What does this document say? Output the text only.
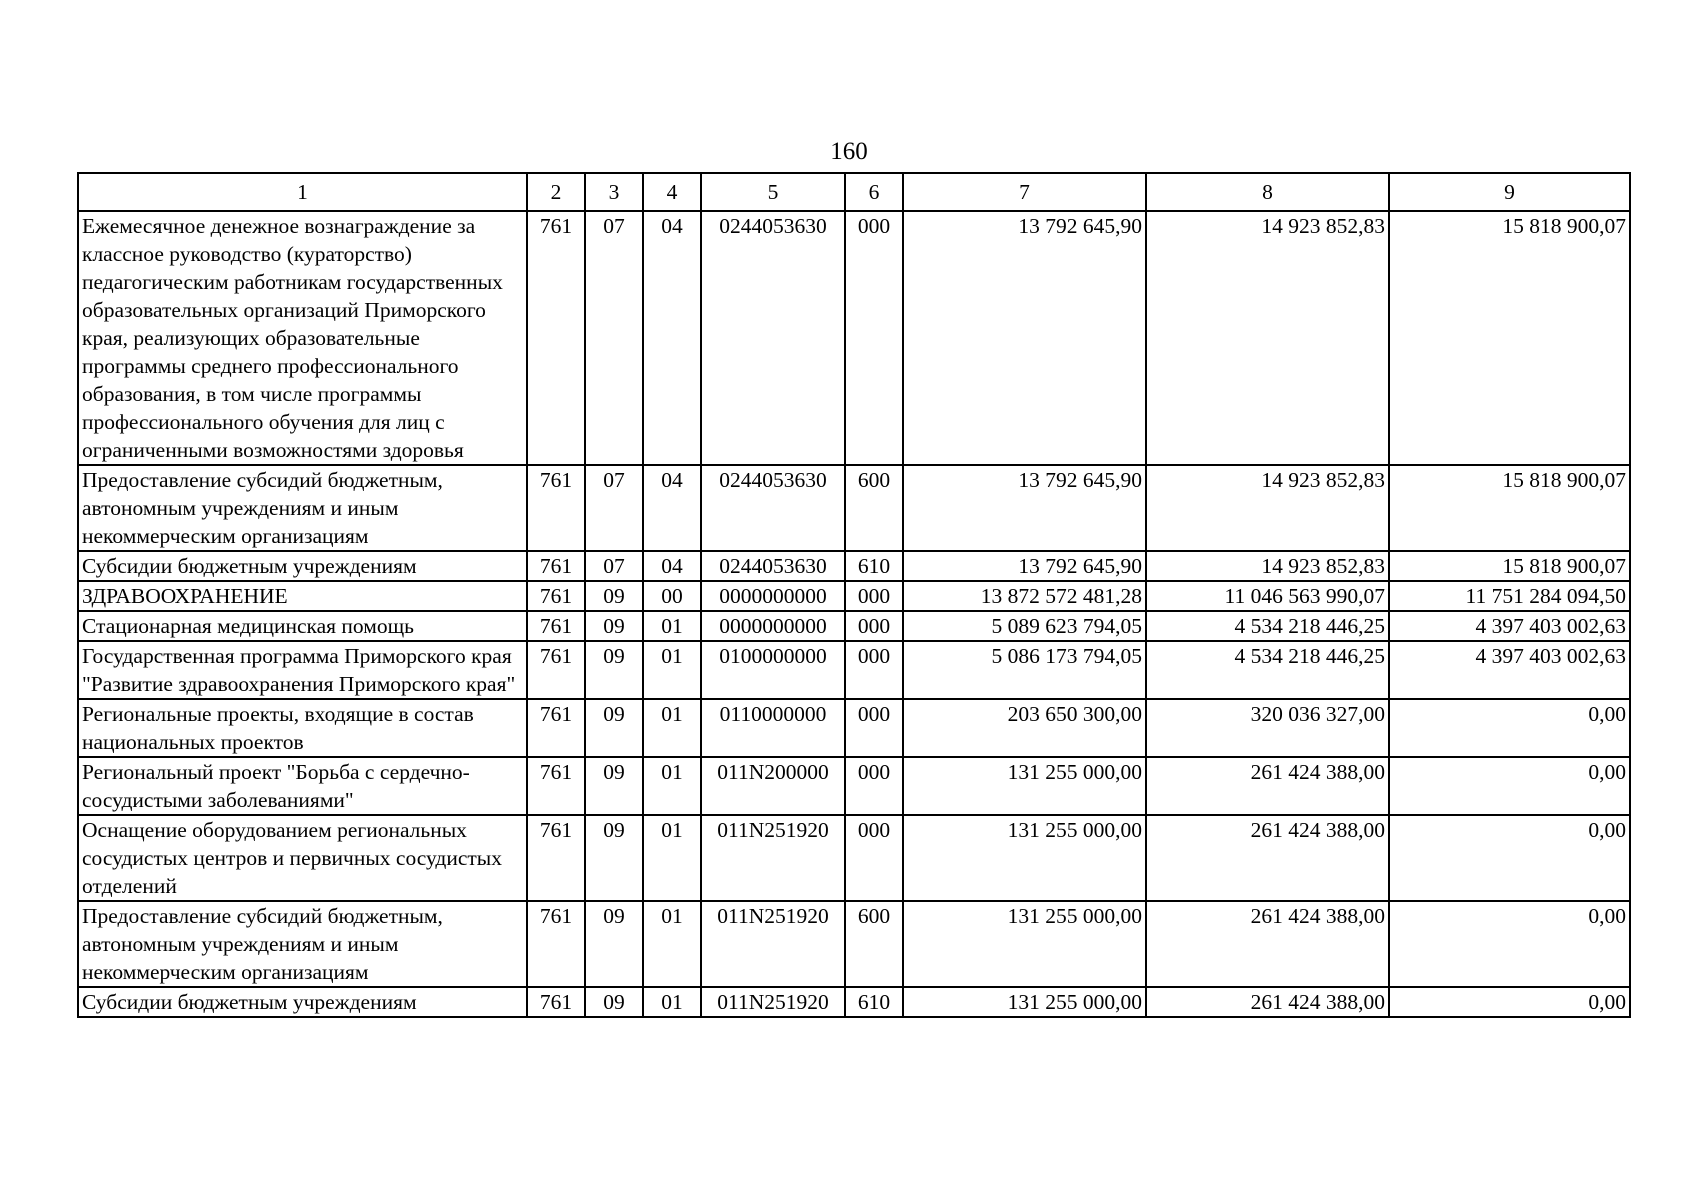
160
1	2	3	4	5	6	7	8	9
Ежемесячное денежное вознаграждение за классное руководство (кураторство) педагогическим работникам государственных образовательных организаций Приморского края, реализующих образовательные программы среднего профессионального образования, в том числе программы профессионального обучения для лиц с ограниченными возможностями здоровья	761	07	04	0244053630	000	13 792 645,90	14 923 852,83	15 818 900,07
Предоставление субсидий бюджетным, автономным учреждениям и иным некоммерческим организациям	761	07	04	0244053630	600	13 792 645,90	14 923 852,83	15 818 900,07
Субсидии бюджетным учреждениям	761	07	04	0244053630	610	13 792 645,90	14 923 852,83	15 818 900,07
ЗДРАВООХРАНЕНИЕ	761	09	00	0000000000	000	13 872 572 481,28	11 046 563 990,07	11 751 284 094,50
Стационарная медицинская помощь	761	09	01	0000000000	000	5 089 623 794,05	4 534 218 446,25	4 397 403 002,63
Государственная программа Приморского края "Развитие здравоохранения Приморского края"	761	09	01	0100000000	000	5 086 173 794,05	4 534 218 446,25	4 397 403 002,63
Региональные проекты, входящие в состав национальных проектов	761	09	01	0110000000	000	203 650 300,00	320 036 327,00	0,00
Региональный проект "Борьба с сердечно-сосудистыми заболеваниями"	761	09	01	011N200000	000	131 255 000,00	261 424 388,00	0,00
Оснащение оборудованием региональных сосудистых центров и первичных сосудистых отделений	761	09	01	011N251920	000	131 255 000,00	261 424 388,00	0,00
Предоставление субсидий бюджетным, автономным учреждениям и иным некоммерческим организациям	761	09	01	011N251920	600	131 255 000,00	261 424 388,00	0,00
Субсидии бюджетным учреждениям	761	09	01	011N251920	610	131 255 000,00	261 424 388,00	0,00
